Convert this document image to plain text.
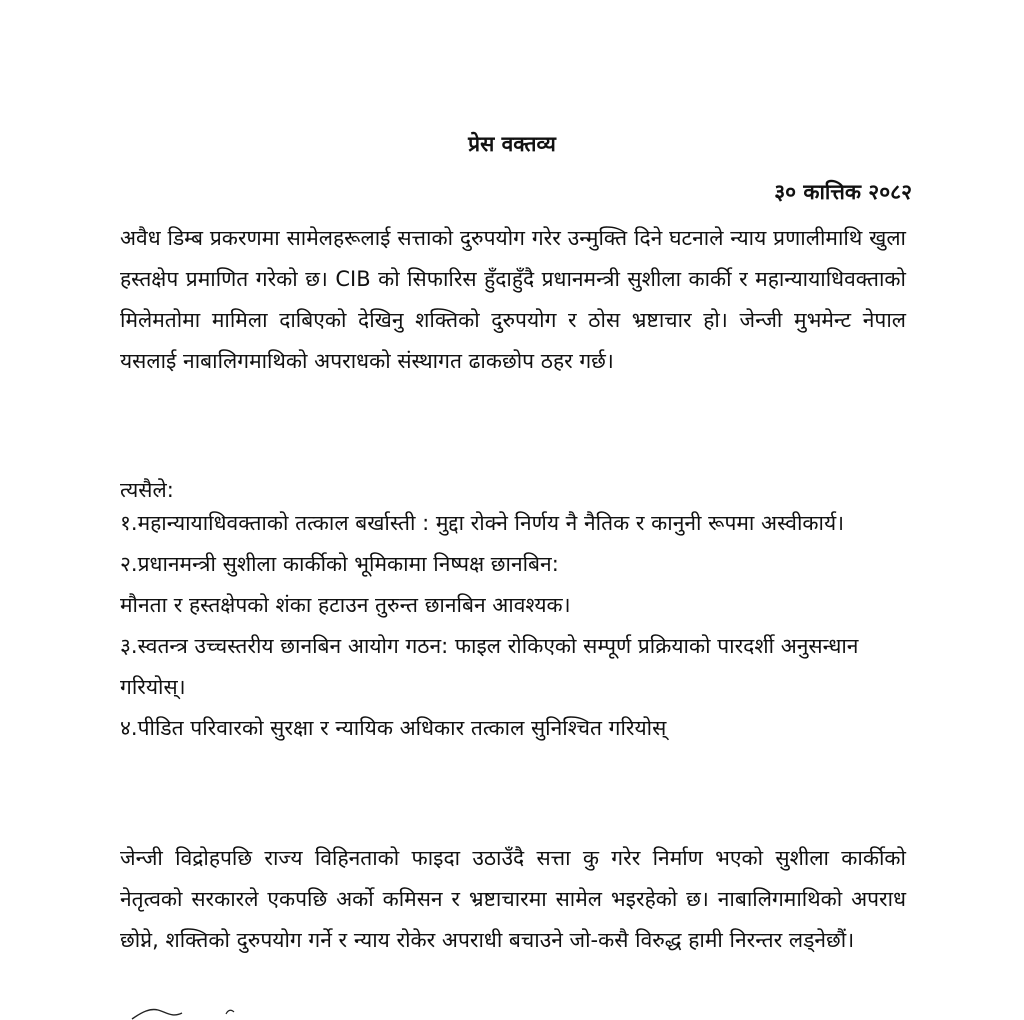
प्रेस वक्तव्य
३० कात्तिक २०८२
अवैध डिम्ब प्रकरणमा सामेलहरूलाई सत्ताको दुरुपयोग गरेर उन्मुक्ति दिने घटनाले न्याय प्रणालीमाथि खुला हस्तक्षेप प्रमाणित गरेको छ। CIB को सिफारिस हुँदाहुँदै प्रधानमन्त्री सुशीला कार्की र महान्यायाधिवक्ताको मिलेमतोमा मामिला दाबिएको देखिनु शक्तिको दुरुपयोग र ठोस भ्रष्टाचार हो। जेन्जी मुभमेन्ट नेपाल यसलाई नाबालिगमाथिको अपराधको संस्थागत ढाकछोप ठहर गर्छ।
त्यसैले:

१.महान्यायाधिवक्ताको तत्काल बर्खास्ती : मुद्दा रोक्ने निर्णय नै नैतिक र कानुनी रूपमा अस्वीकार्य।

२.प्रधानमन्त्री सुशीला कार्कीको भूमिकामा निष्पक्ष छानबिन:

मौनता र हस्तक्षेपको शंका हटाउन तुरुन्त छानबिन आवश्यक।

३.स्वतन्त्र उच्चस्तरीय छानबिन आयोग गठन: फाइल रोकिएको सम्पूर्ण प्रक्रियाको पारदर्शी अनुसन्धान गरियोस्।

४.पीडित परिवारको सुरक्षा र न्यायिक अधिकार तत्काल सुनिश्चित गरियोस्

जेन्जी विद्रोहपछि राज्य विहिनताको फाइदा उठाउँदै सत्ता कु गरेर निर्माण भएको सुशीला कार्कीको नेतृत्वको सरकारले एकपछि अर्को कमिसन र भ्रष्टाचारमा सामेल भइरहेको छ। नाबालिगमाथिको अपराध छोप्ने, शक्तिको दुरुपयोग गर्ने र न्याय रोकेर अपराधी बचाउने जो-कसै विरुद्ध हामी निरन्तर लड्नेछौं।
